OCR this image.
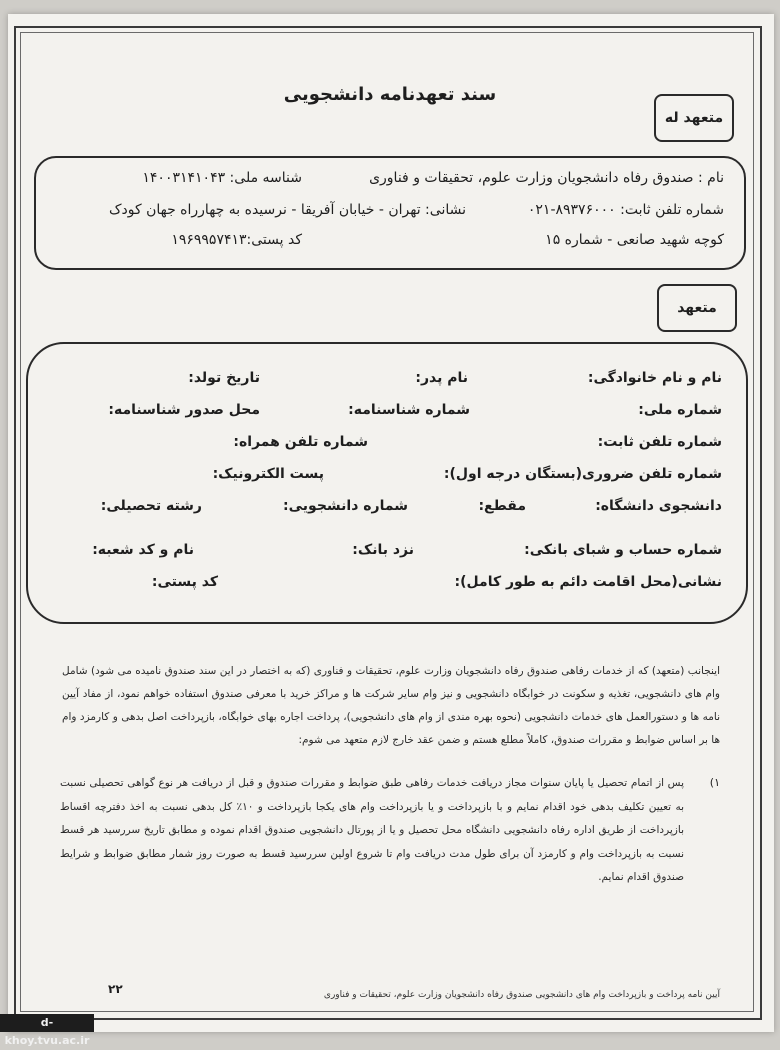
سند تعهدنامه دانشجویی
متعهد له
نام : صندوق رفاه دانشجویان وزارت علوم، تحقیقات و فناوری
شناسه ملی: ۱۴۰۰۳۱۴۱۰۴۳
شماره تلفن ثابت: ۸۹۳۷۶۰۰۰-۰۲۱
نشانی: تهران - خیابان آفریقا - نرسیده به چهارراه جهان کودک
کوچه شهید صانعی - شماره ۱۵
کد پستی:۱۹۶۹۹۵۷۴۱۳
متعهد
نام و نام خانوادگی:
نام پدر:
تاریخ تولد:
شماره ملی:
شماره شناسنامه:
محل صدور شناسنامه:
شماره تلفن ثابت:
شماره تلفن همراه:
شماره تلفن ضروری(بستگان درجه اول):
پست الکترونیک:
دانشجوی دانشگاه:
مقطع:
شماره دانشجویی:
رشته تحصیلی:
شماره حساب و شبای بانکی:
نزد بانک:
نام و کد شعبه:
نشانی(محل اقامت دائم به طور کامل):
کد پستی:
اینجانب (متعهد) که از خدمات رفاهی صندوق رفاه دانشجویان وزارت علوم، تحقیقات و فناوری (که به اختصار در این سند صندوق نامیده می شود) شامل وام های دانشجویی، تغذیه و سکونت در خوابگاه دانشجویی و نیز وام سایر شرکت ها و مراکز خرید با معرفی صندوق استفاده خواهم نمود، از مفاد آیین نامه ها و دستورالعمل های خدمات دانشجویی (نحوه بهره مندی از وام های دانشجویی)، پرداخت اجاره بهای خوابگاه، بازپرداخت اصل بدهی و کارمزد وام ها بر اساس ضوابط و مقررات صندوق، کاملاً مطلع هستم و ضمن عقد خارج لازم متعهد می شوم:
۱)
پس از اتمام تحصیل یا پایان سنوات مجاز دریافت خدمات رفاهی طبق ضوابط و مقررات صندوق و قبل از دریافت هر نوع گواهی تحصیلی نسبت به تعیین تکلیف بدهی خود اقدام نمایم و با بازپرداخت و یا بازپرداخت وام های یکجا بازپرداخت و ۱۰٪ کل بدهی نسبت به اخذ دفترچه اقساط بازپرداخت از طریق اداره رفاه دانشجویی دانشگاه محل تحصیل و یا از پورتال دانشجویی صندوق اقدام نموده و مطابق تاریخ سررسید هر قسط نسبت به بازپرداخت وام و کارمزد آن برای طول مدت دریافت وام تا شروع اولین سررسید قسط به صورت روز شمار مطابق ضوابط و شرایط صندوق اقدام نمایم.
۲۲	آیین نامه پرداخت و بازپرداخت وام های دانشجویی صندوق رفاه دانشجویان وزارت علوم، تحقیقات و فناوری
d-khoy.tvu.ac.ir
